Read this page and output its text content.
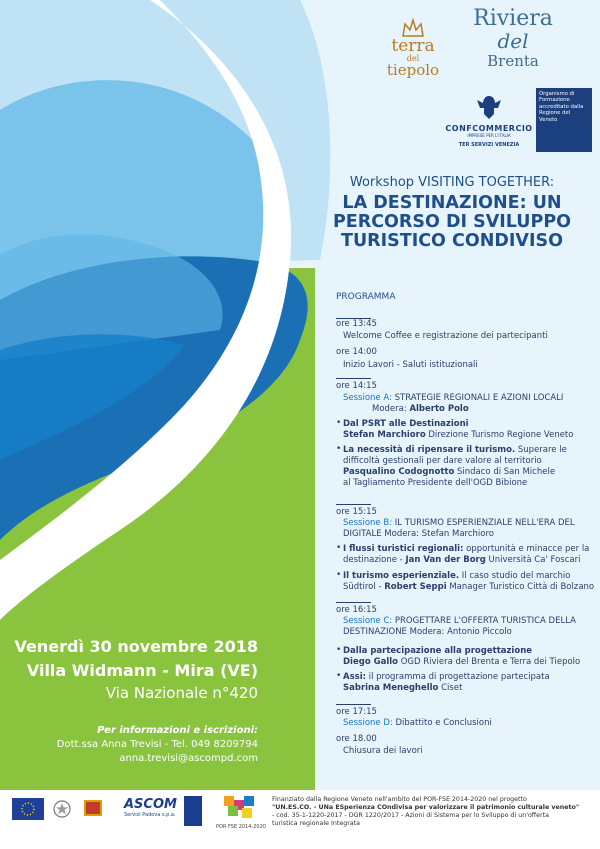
terra
del
tiepolo
Riviera
del
Brenta
CONFCOMMERCIO
IMPRESE PER L'ITALIA
TER SERVIZI VENEZIA
Organismo di Formazione accreditato dalla Regione del Veneto
Workshop VISITING TOGETHER:
LA DESTINAZIONE: UN
PERCORSO DI SVILUPPO
TURISTICO CONDIVISO
PROGRAMMA
ore 13:45
Welcome Coffee e registrazione dei partecipanti
ore 14:00
Inizio Lavori - Saluti istituzionali
ore 14:15
Sessione A: STRATEGIE REGIONALI E AZIONI LOCALI
Modera: Alberto Polo
• Dal PSRT alle Destinazioni
Stefan Marchioro Direzione Turismo Regione Veneto
• La necessità di ripensare il turismo. Superare le
difficoltà gestionali per dare valore al territorio
Pasqualino Codognotto Sindaco di San Michele
al Tagliamento Presidente dell'OGD Bibione
ore 15:15
Sessione B: IL TURISMO ESPERIENZIALE NELL'ERA DEL
DIGITALE Modera: Stefan Marchioro
• I flussi turistici regionali: opportunità e minacce per la
destinazione - Jan Van der Borg Università Ca' Foscari
• Il turismo esperienziale. Il caso studio del marchio
Südtirol - Robert Seppi Manager Turistico Città di Bolzano
ore 16:15
Sessione C: PROGETTARE L'OFFERTA TURISTICA DELLA
DESTINAZIONE Modera: Antonio Piccolo
• Dalla partecipazione alla progettazione
Diego Gallo OGD Riviera del Brenta e Terra dei Tiepolo
• Assi: il programma di progettazione partecipata
Sabrina Meneghello Ciset
ore 17:15
Sessione D: Dibattito e Conclusioni
ore 18.00
Chiusura dei lavori
Venerdì 30 novembre 2018
Villa Widmann - Mira (VE)
Via Nazionale n°420
Per informazioni e iscrizioni:
Dott.ssa Anna Trevisi - Tel. 049 8209794
anna.trevisi@ascompd.com
ASCOM
Servizi Padova s.p.a.
POR FSE 2014-2020
Finanziato dalla Regione Veneto nell'ambito del POR-FSE 2014-2020 nel progetto
"UN.ES.CO. - UNa ESperienza COndivisa per valorizzare il patrimonio culturale veneto"
- cod. 35-1-1220-2017 - DGR 1220/2017 - Azioni di Sistema per lo Sviluppo di un'offerta
turistica regionale Integrata
